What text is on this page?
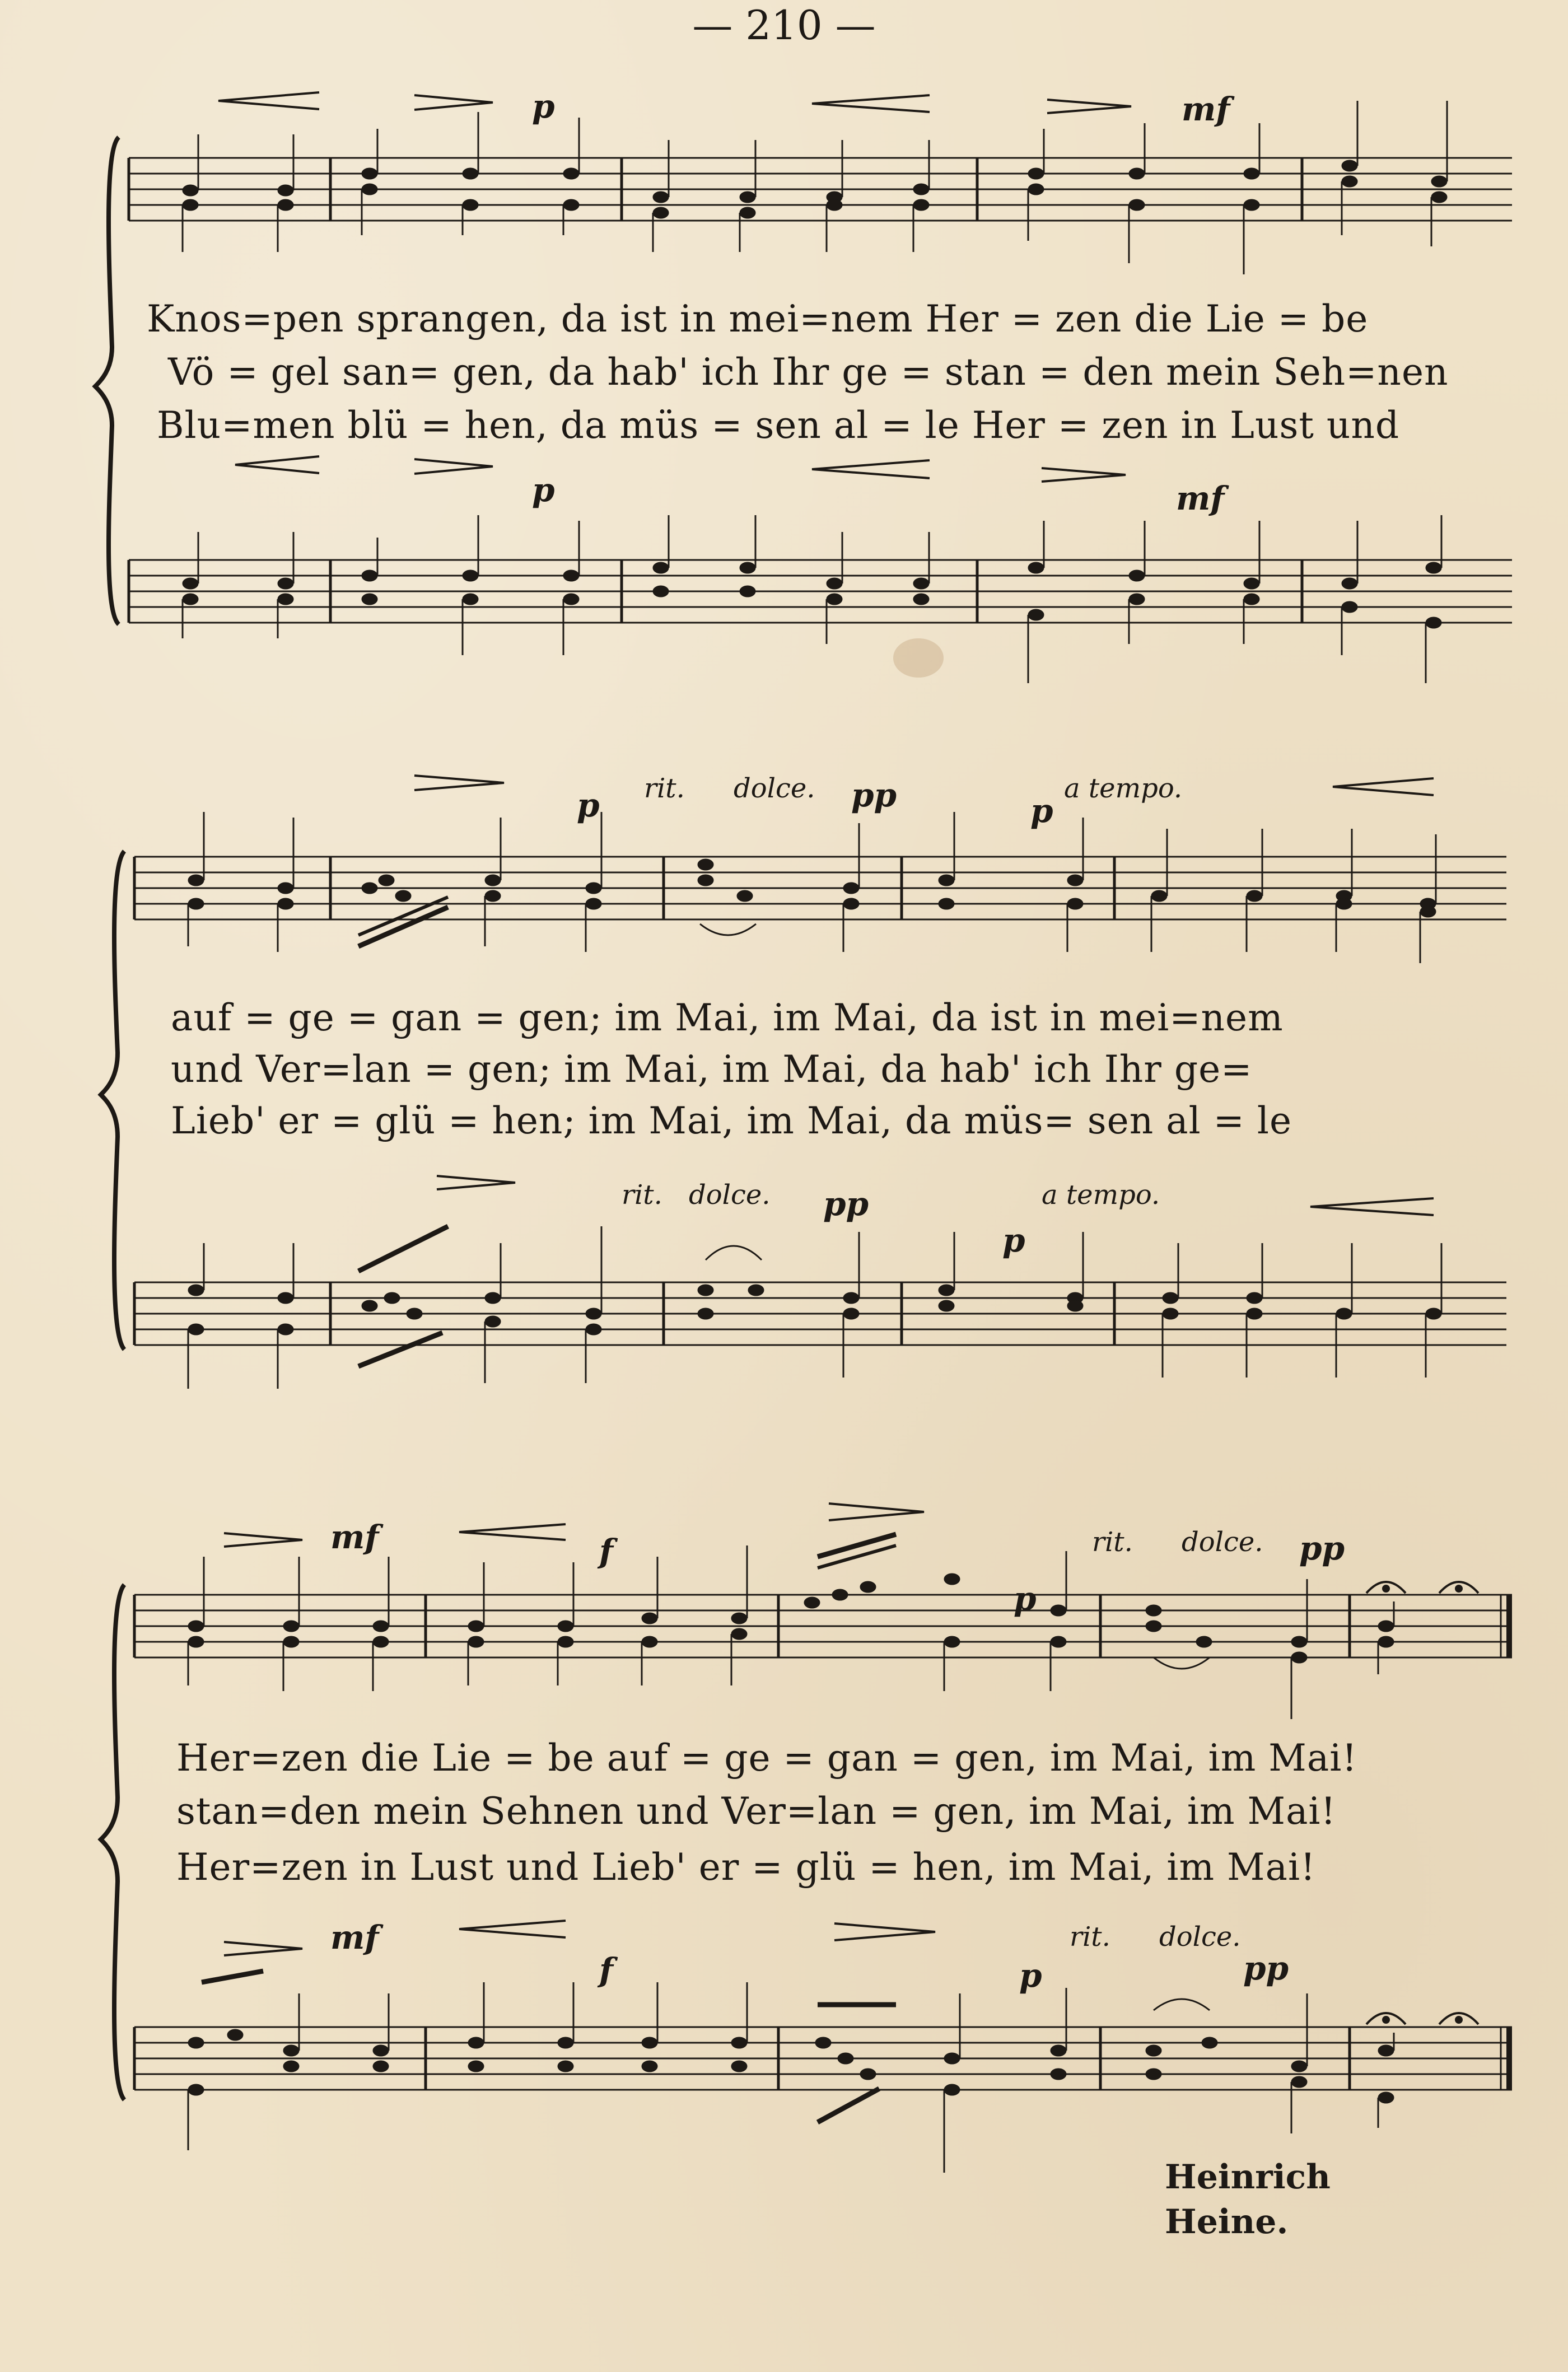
— 210 —
p	mf
p	mf
p rit. dolce. pp	p
a tempo.
rit. dolce. pp	a tempo.
p
mf	f
p
rit. dolce. pp
mf
f	p
rit. dolce.
pp
Knos=pen sprangen, da ist in mei=nem Her = zen die Lie = be
Vö = gel san= gen, da hab' ich Ihr ge = stan = den mein Seh=nen
Blu=men blü = hen, da müs = sen al = le Her = zen in Lust und
auf = ge = gan = gen; im Mai, im Mai, da ist in mei=nem
und Ver=lan = gen; im Mai, im Mai, da hab' ich Ihr ge=
Lieb' er = glü = hen; im Mai, im Mai, da müs= sen al = le
Her=zen die Lie = be auf = ge = gan = gen, im Mai, im Mai!
stan=den mein Sehnen und Ver=lan = gen, im Mai, im Mai!
Her=zen in Lust und Lieb' er = glü = hen, im Mai, im Mai!
Heinrich Heine.
